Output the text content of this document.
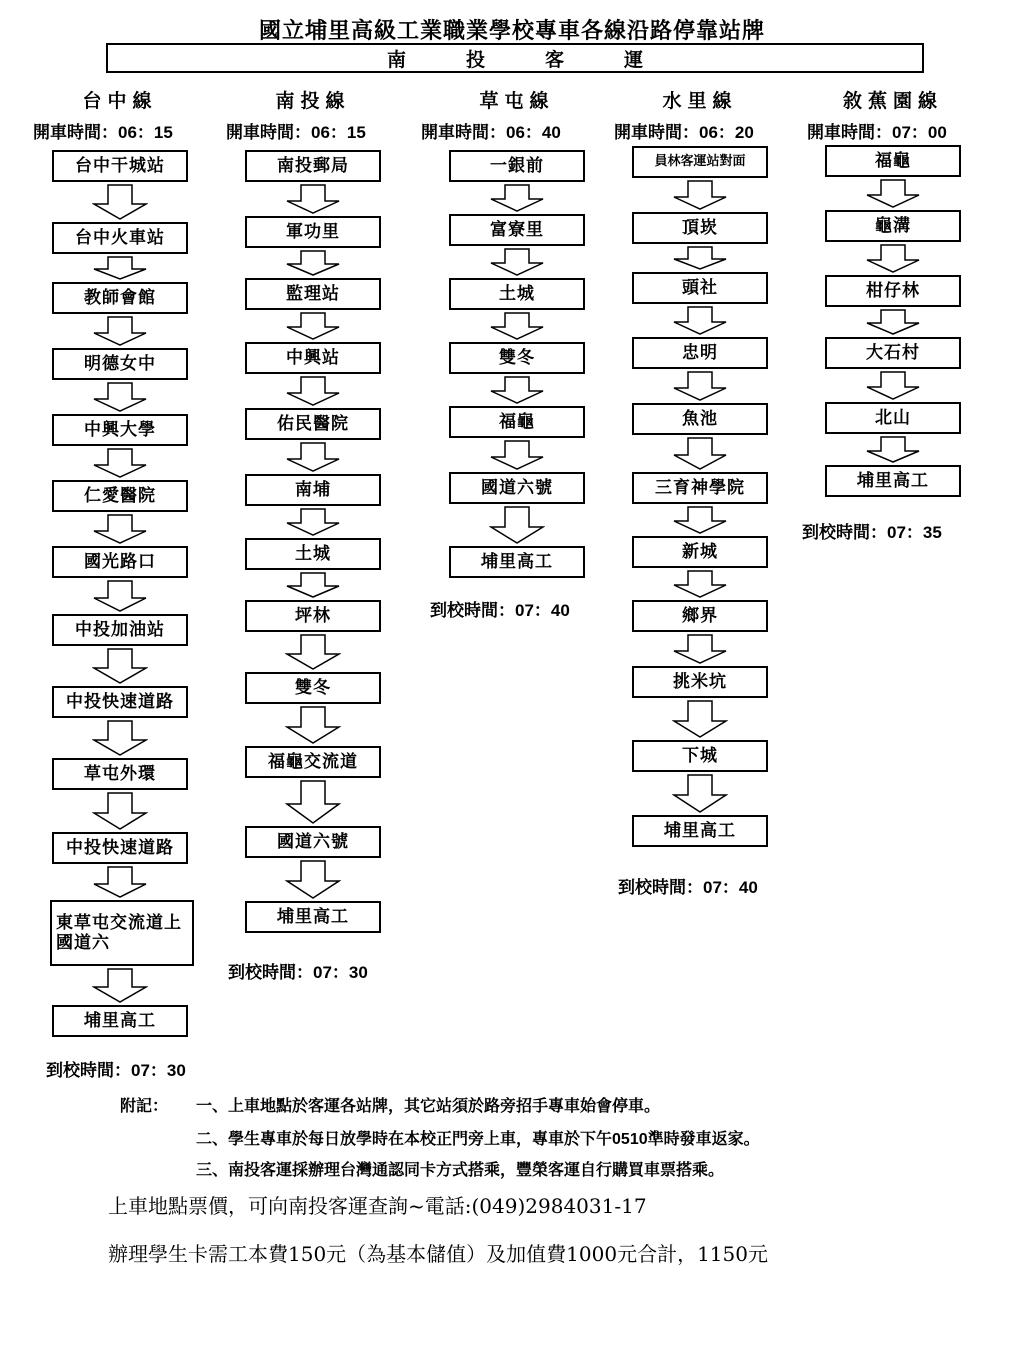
國立埔里高級工業職業學校專車各線沿路停靠站牌
南投客運
台中線
開車時間：06：15
台中干城站
台中火車站
教師會館
明德女中
中興大學
仁愛醫院
國光路口
中投加油站
中投快速道路
草屯外環
中投快速道路
東草屯交流道上國道六
埔里高工
到校時間：07：30
南投線
開車時間：06：15
南投郵局
軍功里
監理站
中興站
佑民醫院
南埔
土城
坪林
雙冬
福龜交流道
國道六號
埔里高工
到校時間：07：30
草屯線
開車時間：06：40
一銀前
富寮里
土城
雙冬
福龜
國道六號
埔里高工
到校時間：07：40
水里線
開車時間：06：20
員林客運站對面
頂崁
頭社
忠明
魚池
三育神學院
新城
鄉界
挑米坑
下城
埔里高工
到校時間：07：40
敘蕉園線
開車時間：07：00
福龜
龜溝
柑仔林
大石村
北山
埔里高工
到校時間：07：35
附記： 一、上車地點於客運各站牌，其它站須於路旁招手專車始會停車。
二、學生專車於每日放學時在本校正門旁上車，專車於下午0510準時發車返家。
三、南投客運採辦理台灣通認同卡方式搭乘，豐榮客運自行購買車票搭乘。
上車地點票價，可向南投客運查詢~電話:(049)2984031-17
辦理學生卡需工本費150元（為基本儲值）及加值費1000元合計，1150元
